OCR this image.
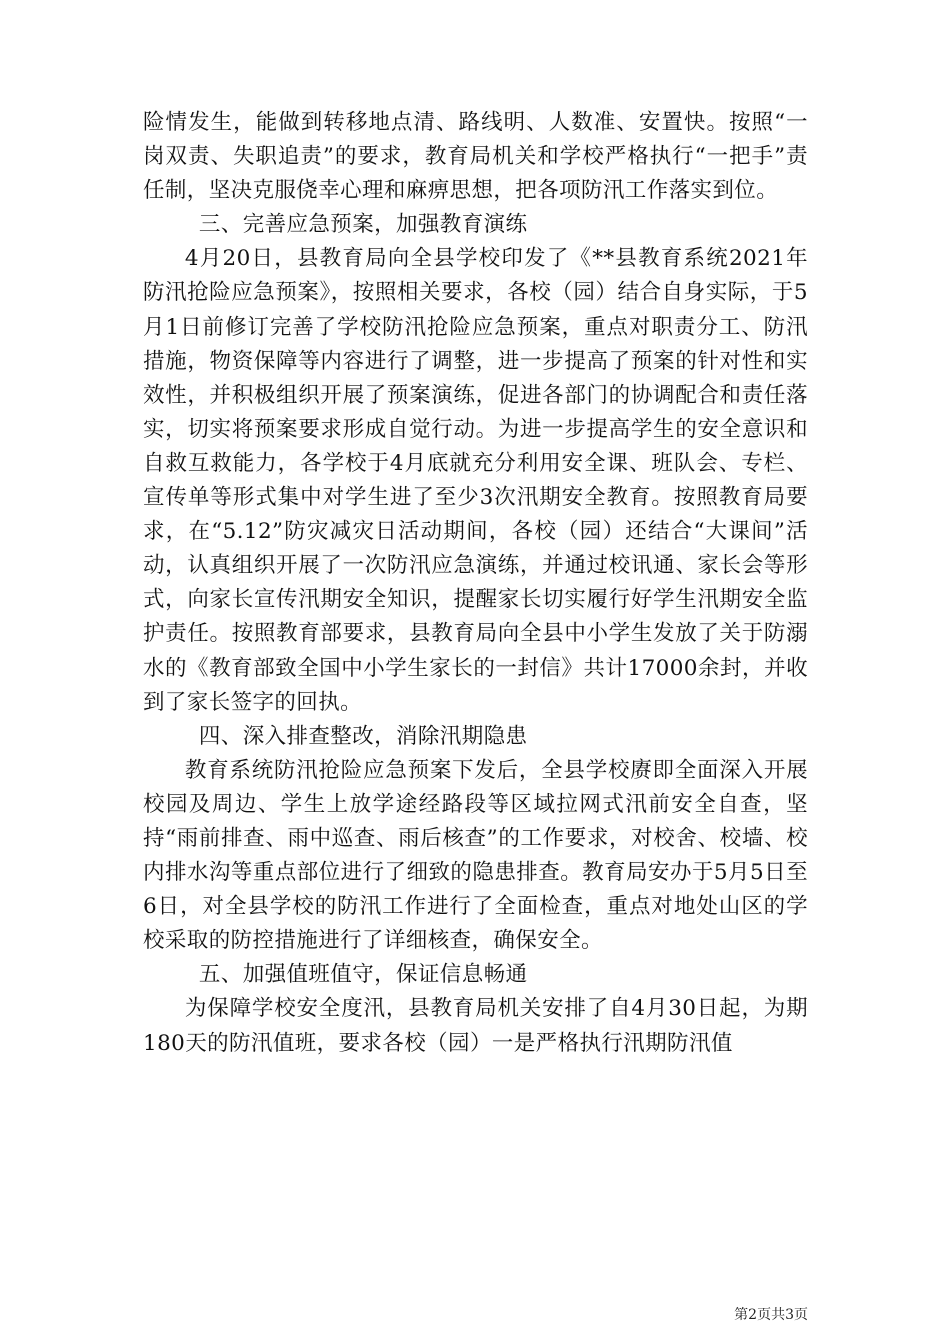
险情发生，能做到转移地点清、路线明、人数准、安置快。按照“一岗双责、失职追责”的要求，教育局机关和学校严格执行“一把手”责任制，坚决克服侥幸心理和麻痹思想，把各项防汛工作落实到位。

三、完善应急预案，加强教育演练

4月20日，县教育局向全县学校印发了《**县教育系统2021年防汛抢险应急预案》，按照相关要求，各校（园）结合自身实际，于5月1日前修订完善了学校防汛抢险应急预案，重点对职责分工、防汛措施，物资保障等内容进行了调整，进一步提高了预案的针对性和实效性，并积极组织开展了预案演练，促进各部门的协调配合和责任落实，切实将预案要求形成自觉行动。为进一步提高学生的安全意识和自救互救能力，各学校于4月底就充分利用安全课、班队会、专栏、宣传单等形式集中对学生进了至少3次汛期安全教育。按照教育局要求，在“5.12”防灾减灾日活动期间，各校（园）还结合“大课间”活动，认真组织开展了一次防汛应急演练，并通过校讯通、家长会等形式，向家长宣传汛期安全知识，提醒家长切实履行好学生汛期安全监护责任。按照教育部要求，县教育局向全县中小学生发放了关于防溺水的《教育部致全国中小学生家长的一封信》共计17000余封，并收到了家长签字的回执。

四、深入排查整改，消除汛期隐患

教育系统防汛抢险应急预案下发后，全县学校赓即全面深入开展校园及周边、学生上放学途经路段等区域拉网式汛前安全自查，坚持“雨前排查、雨中巡查、雨后核查”的工作要求，对校舍、校墙、校内排水沟等重点部位进行了细致的隐患排查。教育局安办于5月5日至6日，对全县学校的防汛工作进行了全面检查，重点对地处山区的学校采取的防控措施进行了详细核查，确保安全。

五、加强值班值守，保证信息畅通

为保障学校安全度汛，县教育局机关安排了自4月30日起，为期180天的防汛值班，要求各校（园）一是严格执行汛期防汛值

第2页共3页
